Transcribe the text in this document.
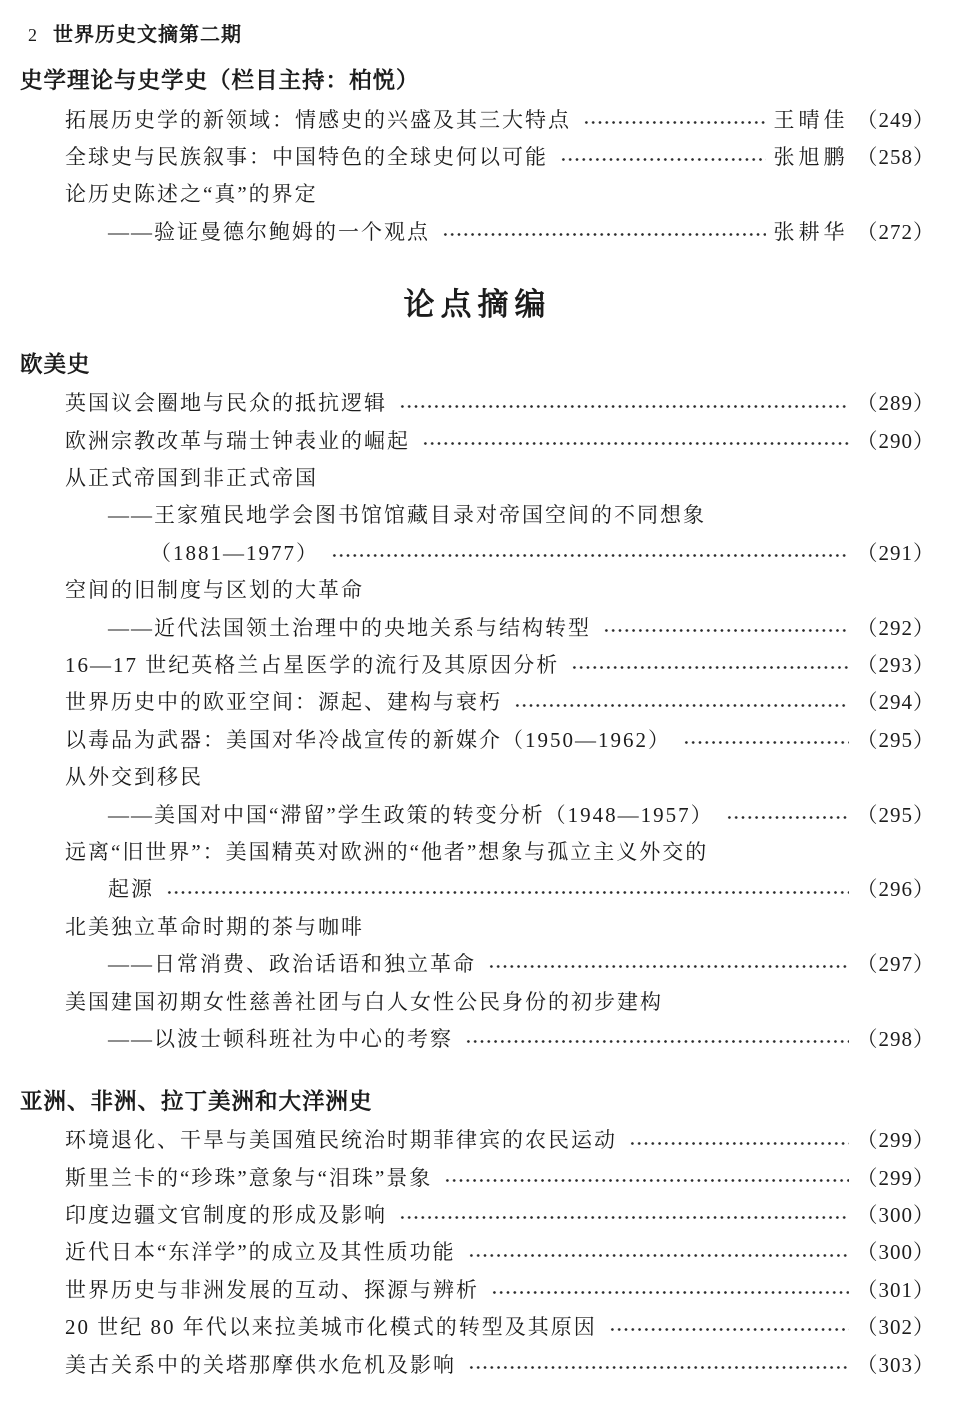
2 世界历史文摘第二期
史学理论与史学史（栏目主持：柏悦）
拓展历史学的新领域：情感史的兴盛及其三大特点	王晴佳 （249）
全球史与民族叙事：中国特色的全球史何以可能	张旭鹏 （258）
论历史陈述之“真”的界定
——验证曼德尔鲍姆的一个观点	张耕华 （272）
论点摘编
欧美史
英国议会圈地与民众的抵抗逻辑	（289）
欧洲宗教改革与瑞士钟表业的崛起	（290）
从正式帝国到非正式帝国
——王家殖民地学会图书馆馆藏目录对帝国空间的不同想象
（1881—1977）	（291）
空间的旧制度与区划的大革命
——近代法国领土治理中的央地关系与结构转型	（292）
16—17 世纪英格兰占星医学的流行及其原因分析	（293）
世界历史中的欧亚空间：源起、建构与衰朽	（294）
以毒品为武器：美国对华冷战宣传的新媒介（1950—1962）	（295）
从外交到移民
——美国对中国“滞留”学生政策的转变分析（1948—1957）	（295）
远离“旧世界”：美国精英对欧洲的“他者”想象与孤立主义外交的
起源	（296）
北美独立革命时期的茶与咖啡
——日常消费、政治话语和独立革命	（297）
美国建国初期女性慈善社团与白人女性公民身份的初步建构
——以波士顿科班社为中心的考察	（298）
亚洲、非洲、拉丁美洲和大洋洲史
环境退化、干旱与美国殖民统治时期菲律宾的农民运动	（299）
斯里兰卡的“珍珠”意象与“泪珠”景象	（299）
印度边疆文官制度的形成及影响	（300）
近代日本“东洋学”的成立及其性质功能	（300）
世界历史与非洲发展的互动、探源与辨析	（301）
20 世纪 80 年代以来拉美城市化模式的转型及其原因	（302）
美古关系中的关塔那摩供水危机及影响	（303）
